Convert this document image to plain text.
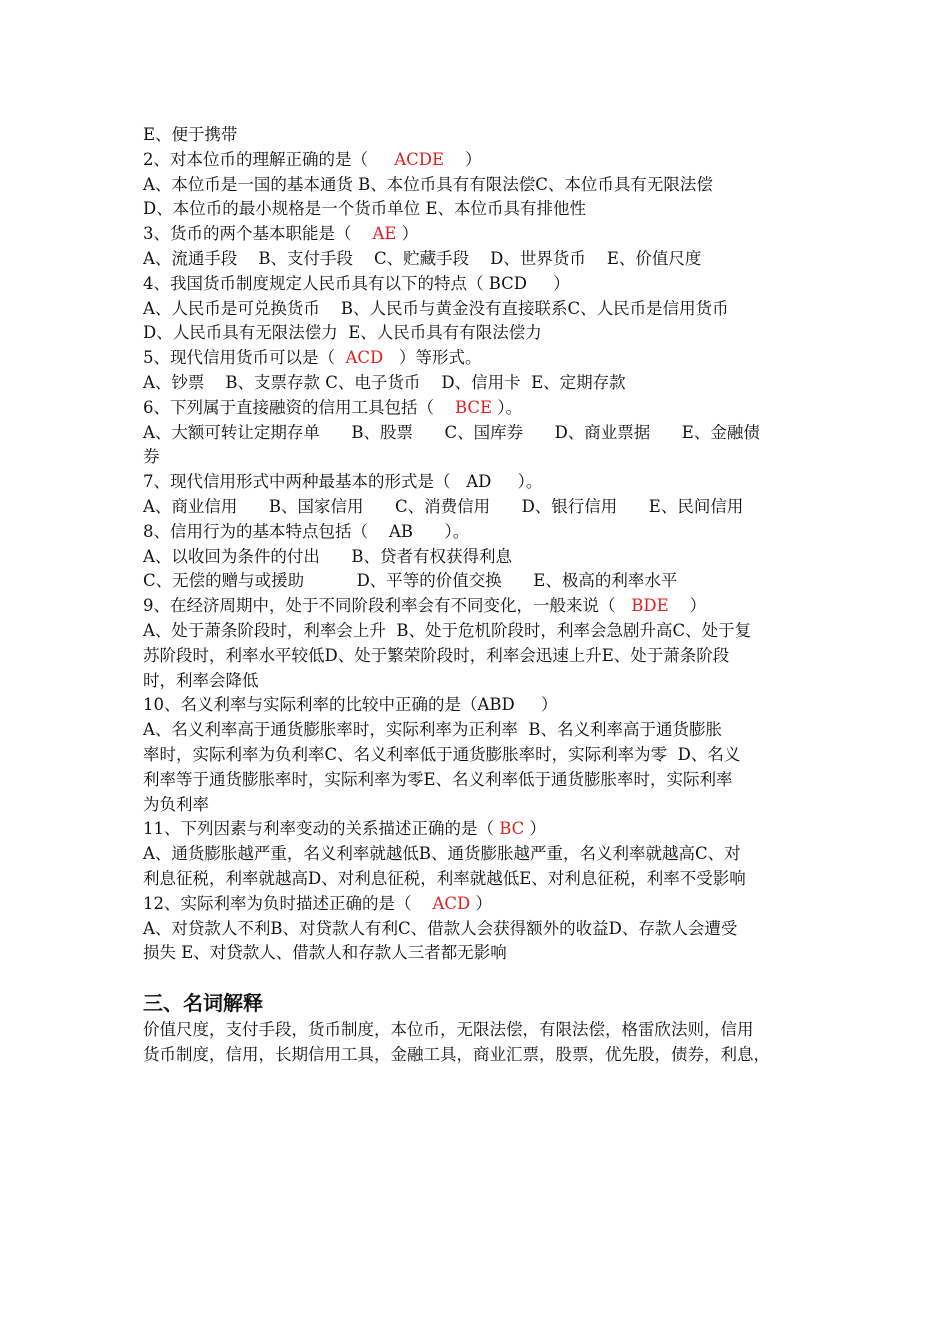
E、便于携带
2、对本位币的理解正确的是（     ACDE    ）
A、本位币是一国的基本通货 B、本位币具有有限法偿C、本位币具有无限法偿
D、本位币的最小规格是一个货币单位 E、本位币具有排他性
3、货币的两个基本职能是（    AE ）
A、流通手段    B、支付手段    C、贮藏手段    D、世界货币    E、价值尺度
4、我国货币制度规定人民币具有以下的特点（ BCD     ）
A、人民币是可兑换货币    B、人民币与黄金没有直接联系C、人民币是信用货币
D、人民币具有无限法偿力  E、人民币具有有限法偿力
5、现代信用货币可以是（  ACD   ）等形式。
A、钞票    B、支票存款 C、电子货币    D、信用卡  E、定期存款
6、下列属于直接融资的信用工具包括（    BCE ）。
A、大额可转让定期存单      B、股票      C、国库券      D、商业票据      E、金融债
券
7、现代信用形式中两种最基本的形式是（   AD     ）。
A、商业信用      B、国家信用      C、消费信用      D、银行信用      E、民间信用
8、信用行为的基本特点包括（    AB      ）。
A、以收回为条件的付出      B、贷者有权获得利息
C、无偿的赠与或援助          D、平等的价值交换      E、极高的利率水平
9、在经济周期中，处于不同阶段利率会有不同变化，一般来说（   BDE    ）
A、处于萧条阶段时，利率会上升  B、处于危机阶段时，利率会急剧升高C、处于复
苏阶段时，利率水平较低D、处于繁荣阶段时，利率会迅速上升E、处于萧条阶段
时，利率会降低
10、名义利率与实际利率的比较中正确的是（ABD     ）
A、名义利率高于通货膨胀率时，实际利率为正利率  B、名义利率高于通货膨胀
率时，实际利率为负利率C、名义利率低于通货膨胀率时，实际利率为零  D、名义
利率等于通货膨胀率时，实际利率为零E、名义利率低于通货膨胀率时，实际利率
为负利率
11、下列因素与利率变动的关系描述正确的是（ BC ）
A、通货膨胀越严重，名义利率就越低B、通货膨胀越严重，名义利率就越高C、对
利息征税，利率就越高D、对利息征税，利率就越低E、对利息征税，利率不受影响
12、实际利率为负时描述正确的是（    ACD ）
A、对贷款人不利B、对贷款人有利C、借款人会获得额外的收益D、存款人会遭受
损失 E、对贷款人、借款人和存款人三者都无影响
三、名词解释
价值尺度，支付手段，货币制度，本位币，无限法偿，有限法偿，格雷欣法则，信用
货币制度，信用，长期信用工具，金融工具，商业汇票，股票，优先股，债券，利息，
